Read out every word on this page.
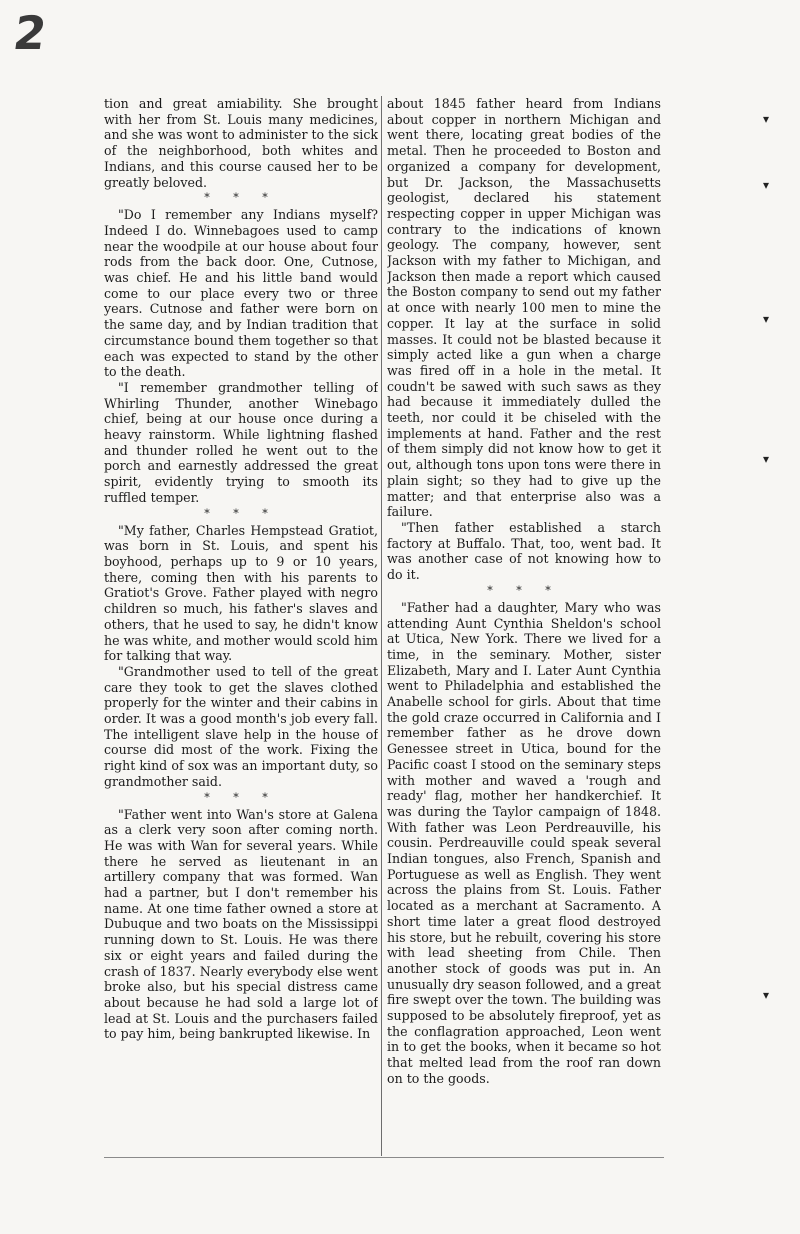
2

tion and great amiability. She brought with her from St. Louis many medicines, and she was wont to administer to the sick of the neighborhood, both whites and Indians, and this course caused her to be greatly beloved.

* * *

"Do I remember any Indians myself? Indeed I do. Winnebagoes used to camp near the woodpile at our house about four rods from the back door. One, Cutnose, was chief. He and his little band would come to our place every two or three years. Cutnose and father were born on the same day, and by Indian tradition that circumstance bound them together so that each was expected to stand by the other to the death.

"I remember grandmother telling of Whirling Thunder, another Winebago chief, being at our house once during a heavy rainstorm. While lightning flashed and thunder rolled he went out to the porch and earnestly addressed the great spirit, evidently trying to smooth its ruffled temper.

* * *

"My father, Charles Hempstead Gratiot, was born in St. Louis, and spent his boyhood, perhaps up to 9 or 10 years, there, coming then with his parents to Gratiot's Grove. Father played with negro children so much, his father's slaves and others, that he used to say, he didn't know he was white, and mother would scold him for talking that way.

"Grandmother used to tell of the great care they took to get the slaves clothed properly for the winter and their cabins in order. It was a good month's job every fall. The intelligent slave help in the house of course did most of the work. Fixing the right kind of sox was an important duty, so grandmother said.

* * *

"Father went into Wan's store at Galena as a clerk very soon after coming north. He was with Wan for several years. While there he served as lieutenant in an artillery company that was formed. Wan had a partner, but I don't remember his name. At one time father owned a store at Dubuque and two boats on the Mississippi running down to St. Louis. He was there six or eight years and failed during the crash of 1837. Nearly everybody else went broke also, but his special distress came about because he had sold a large lot of lead at St. Louis and the purchasers failed to pay him, being bankrupted likewise. In

about 1845 father heard from Indians about copper in northern Michigan and went there, locating great bodies of the metal. Then he proceeded to Boston and organized a company for development, but Dr. Jackson, the Massachusetts geologist, declared his statement respecting copper in upper Michigan was contrary to the indications of known geology. The company, however, sent Jackson with my father to Michigan, and Jackson then made a report which caused the Boston company to send out my father at once with nearly 100 men to mine the copper. It lay at the surface in solid masses. It could not be blasted because it simply acted like a gun when a charge was fired off in a hole in the metal. It coudn't be sawed with such saws as they had because it immediately dulled the teeth, nor could it be chiseled with the implements at hand. Father and the rest of them simply did not know how to get it out, although tons upon tons were there in plain sight; so they had to give up the matter; and that enterprise also was a failure.

"Then father established a starch factory at Buffalo. That, too, went bad. It was another case of not knowing how to do it.

* * *

"Father had a daughter, Mary who was attending Aunt Cynthia Sheldon's school at Utica, New York. There we lived for a time, in the seminary. Mother, sister Elizabeth, Mary and I. Later Aunt Cynthia went to Philadelphia and established the Anabelle school for girls. About that time the gold craze occurred in California and I remember father as he drove down Genessee street in Utica, bound for the Pacific coast I stood on the seminary steps with mother and waved a 'rough and ready' flag, mother her handkerchief. It was during the Taylor campaign of 1848. With father was Leon Perdreauville, his cousin. Perdreauville could speak several Indian tongues, also French, Spanish and Portuguese as well as English. They went across the plains from St. Louis. Father located as a merchant at Sacramento. A short time later a great flood destroyed his store, but he rebuilt, covering his store with lead sheeting from Chile. Then another stock of goods was put in. An unusually dry season followed, and a great fire swept over the town. The building was supposed to be absolutely fireproof, yet as the conflagration approached, Leon went in to get the books, when it became so hot that melted lead from the roof ran down on to the goods.

▾
▾
▾
▾
▾
